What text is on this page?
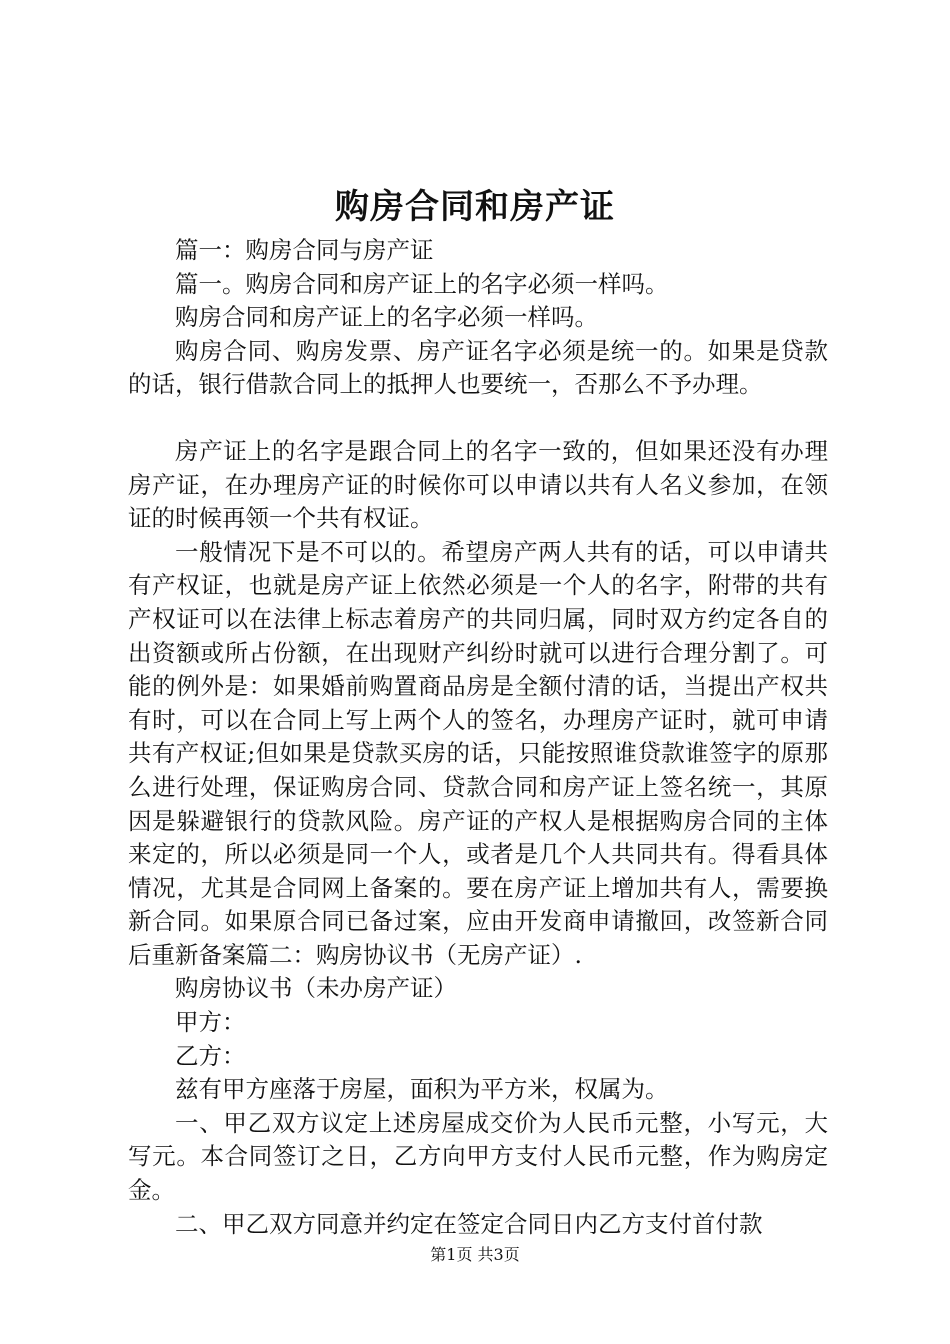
购房合同和房产证

篇一：购房合同与房产证

篇一。购房合同和房产证上的名字必须一样吗。

购房合同和房产证上的名字必须一样吗。

购房合同、购房发票、房产证名字必须是统一的。如果是贷款的话，银行借款合同上的抵押人也要统一，否那么不予办理。

房产证上的名字是跟合同上的名字一致的，但如果还没有办理房产证，在办理房产证的时候你可以申请以共有人名义参加，在领证的时候再领一个共有权证。

一般情况下是不可以的。希望房产两人共有的话，可以申请共有产权证，也就是房产证上依然必须是一个人的名字，附带的共有产权证可以在法律上标志着房产的共同归属，同时双方约定各自的出资额或所占份额，在出现财产纠纷时就可以进行合理分割了。可能的例外是：如果婚前购置商品房是全额付清的话，当提出产权共有时，可以在合同上写上两个人的签名，办理房产证时，就可申请共有产权证;但如果是贷款买房的话，只能按照谁贷款谁签字的原那么进行处理，保证购房合同、贷款合同和房产证上签名统一，其原因是躲避银行的贷款风险。房产证的产权人是根据购房合同的主体来定的，所以必须是同一个人，或者是几个人共同共有。得看具体情况，尤其是合同网上备案的。要在房产证上增加共有人，需要换新合同。如果原合同已备过案，应由开发商申请撤回，改签新合同后重新备案篇二：购房协议书（无房产证）.

购房协议书（未办房产证）

甲方：

乙方：

兹有甲方座落于房屋，面积为平方米，权属为。

一、甲乙双方议定上述房屋成交价为人民币元整，小写元，大写元。本合同签订之日，乙方向甲方支付人民币元整，作为购房定金。

二、甲乙双方同意并约定在签定合同日内乙方支付首付款

第1页 共3页
